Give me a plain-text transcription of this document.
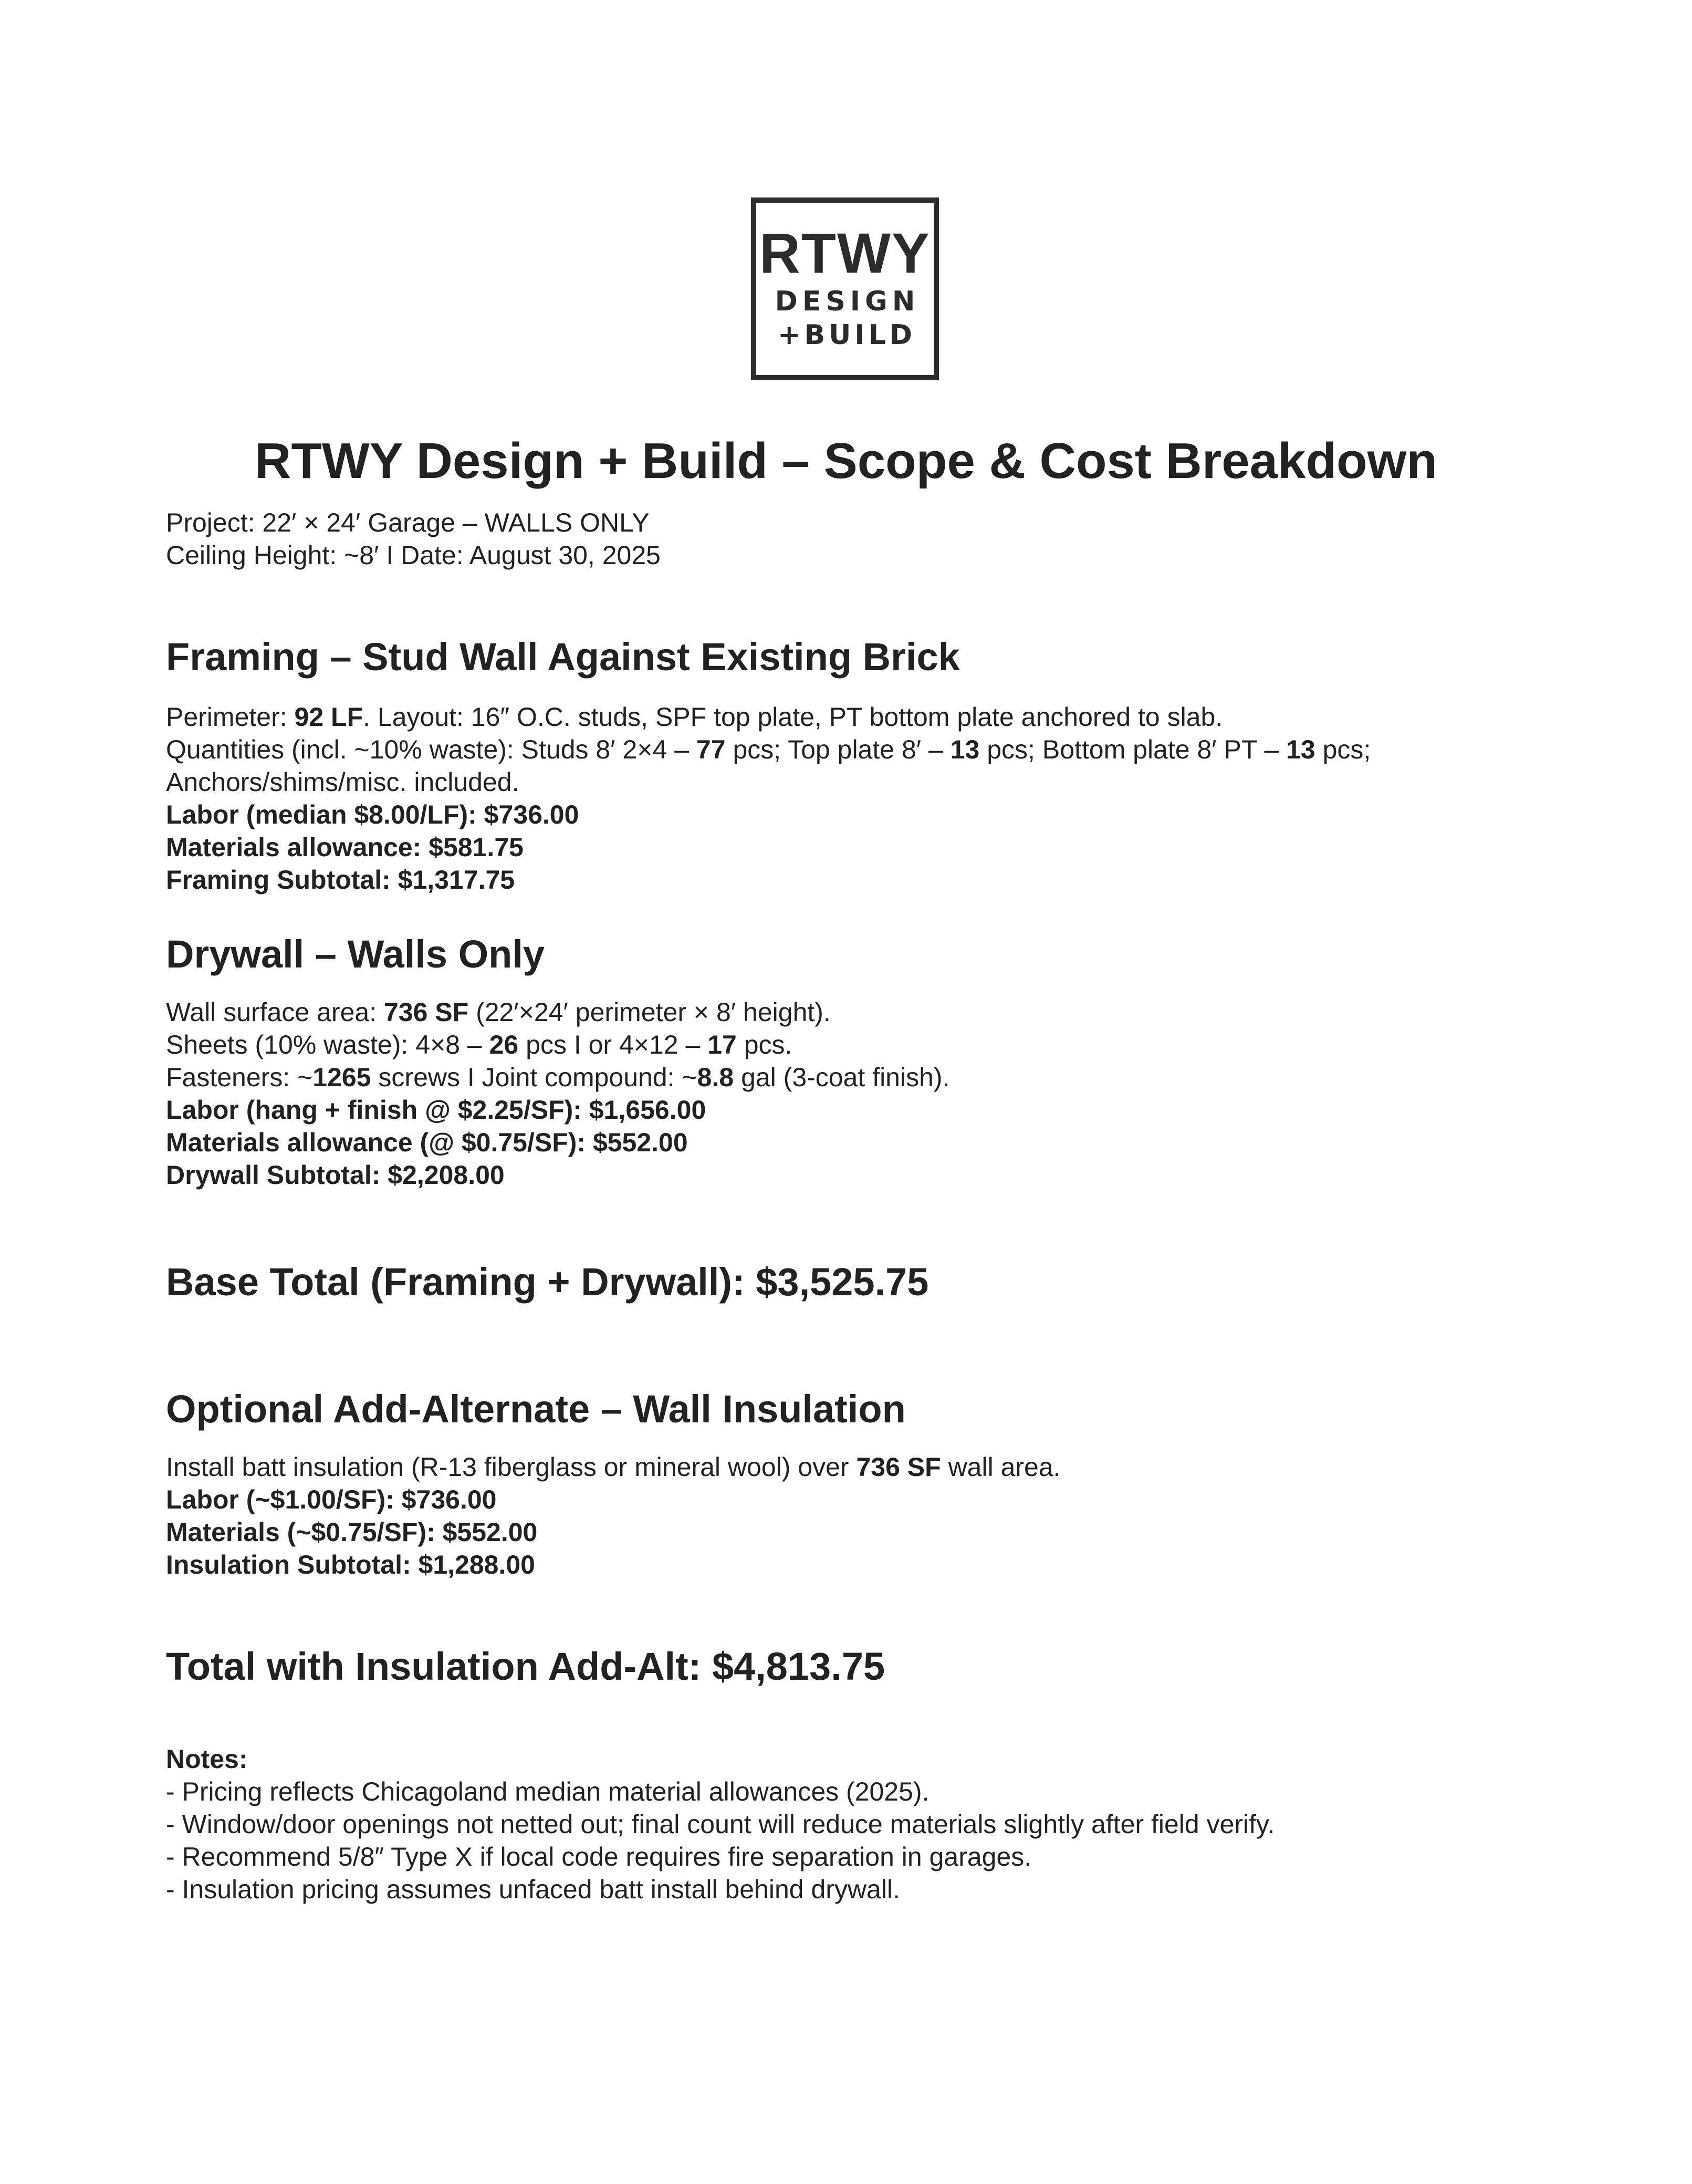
RTWY
DESIGN
+BUILD
RTWY Design + Build – Scope & Cost Breakdown
Project: 22′ × 24′ Garage – WALLS ONLY
Ceiling Height: ~8′ I Date: August 30, 2025
Framing – Stud Wall Against Existing Brick
Perimeter: 92 LF. Layout: 16″ O.C. studs, SPF top plate, PT bottom plate anchored to slab.
Quantities (incl. ~10% waste): Studs 8′ 2×4 – 77 pcs; Top plate 8′ – 13 pcs; Bottom plate 8′ PT – 13 pcs;
Anchors/shims/misc. included.
Labor (median $8.00/LF): $736.00
Materials allowance: $581.75
Framing Subtotal: $1,317.75
Drywall – Walls Only
Wall surface area: 736 SF (22′×24′ perimeter × 8′ height).
Sheets (10% waste): 4×8 – 26 pcs I or 4×12 – 17 pcs.
Fasteners: ~1265 screws I Joint compound: ~8.8 gal (3-coat finish).
Labor (hang + finish @ $2.25/SF): $1,656.00
Materials allowance (@ $0.75/SF): $552.00
Drywall Subtotal: $2,208.00
Base Total (Framing + Drywall): $3,525.75
Optional Add-Alternate – Wall Insulation
Install batt insulation (R-13 fiberglass or mineral wool) over 736 SF wall area.
Labor (~$1.00/SF): $736.00
Materials (~$0.75/SF): $552.00
Insulation Subtotal: $1,288.00
Total with Insulation Add-Alt: $4,813.75
Notes:
- Pricing reflects Chicagoland median material allowances (2025).
- Window/door openings not netted out; final count will reduce materials slightly after field verify.
- Recommend 5/8″ Type X if local code requires fire separation in garages.
- Insulation pricing assumes unfaced batt install behind drywall.
